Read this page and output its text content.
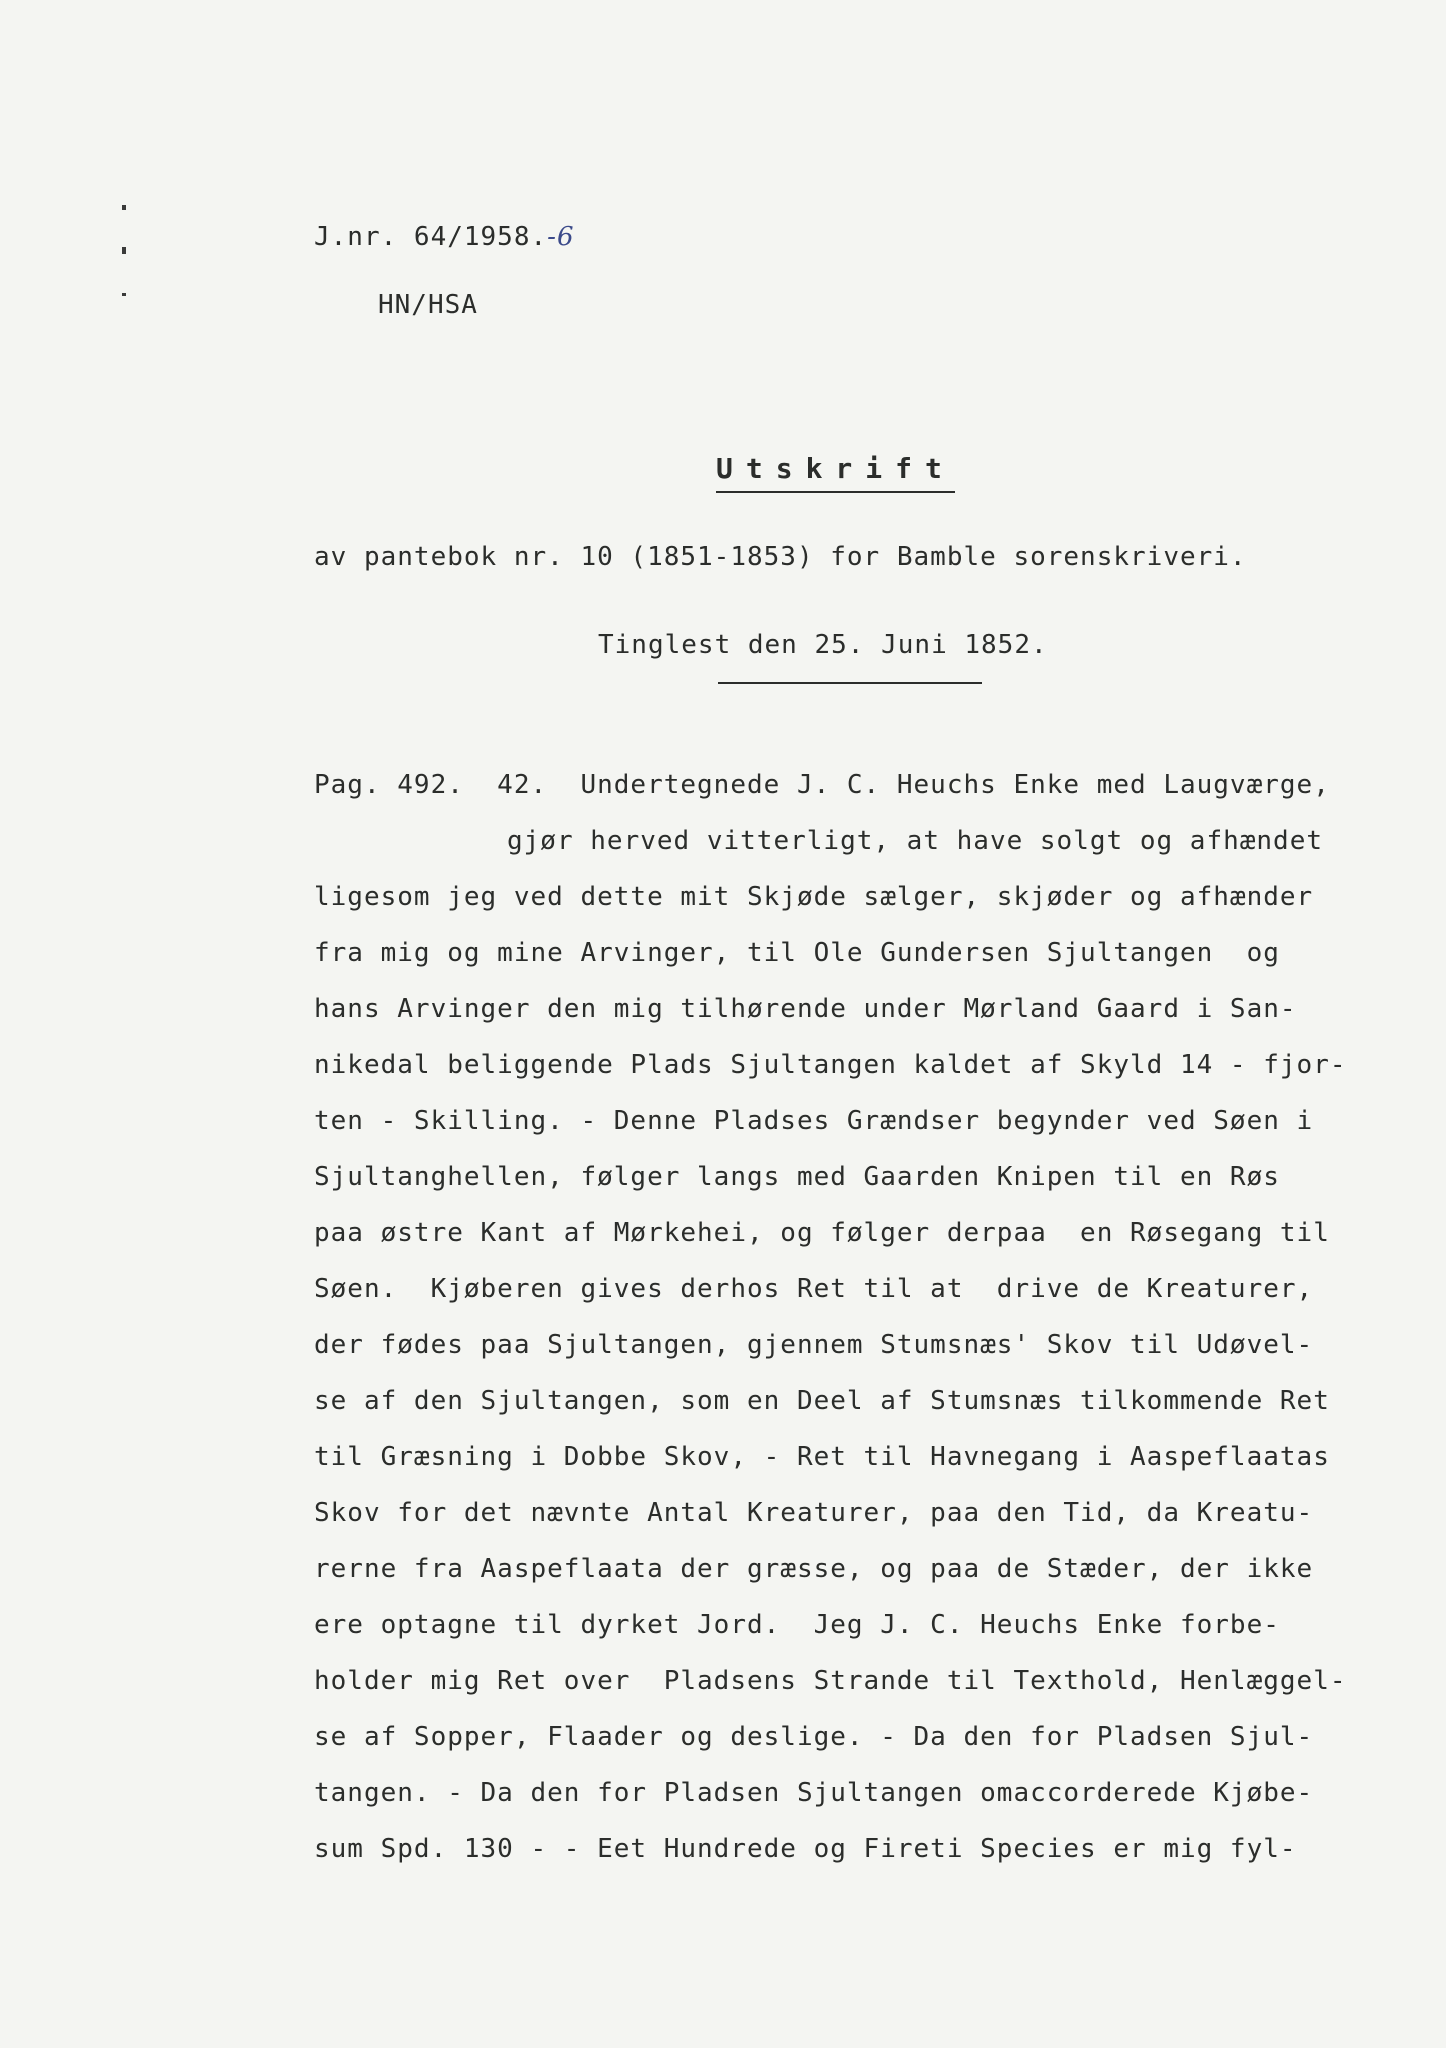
J.nr. 64/1958.-6
HN/HSA
Utskrift
av pantebok nr. 10 (1851-1853) for Bamble sorenskriveri.
Tinglest den 25. Juni 1852.
Pag. 492.  42.  Undertegnede J. C. Heuchs Enke med Laugværge,
gjør herved vitterligt, at have solgt og afhændet
ligesom jeg ved dette mit Skjøde sælger, skjøder og afhænder
fra mig og mine Arvinger, til Ole Gundersen Sjultangen  og
hans Arvinger den mig tilhørende under Mørland Gaard i San-
nikedal beliggende Plads Sjultangen kaldet af Skyld 14 - fjor-
ten - Skilling. - Denne Pladses Grændser begynder ved Søen i
Sjultanghellen, følger langs med Gaarden Knipen til en Røs
paa østre Kant af Mørkehei, og følger derpaa  en Røsegang til
Søen.  Kjøberen gives derhos Ret til at  drive de Kreaturer,
der fødes paa Sjultangen, gjennem Stumsnæs' Skov til Udøvel-
se af den Sjultangen, som en Deel af Stumsnæs tilkommende Ret
til Græsning i Dobbe Skov, - Ret til Havnegang i Aaspeflaatas
Skov for det nævnte Antal Kreaturer, paa den Tid, da Kreatu-
rerne fra Aaspeflaata der græsse, og paa de Stæder, der ikke
ere optagne til dyrket Jord.  Jeg J. C. Heuchs Enke forbe-
holder mig Ret over  Pladsens Strande til Texthold, Henlæggel-
se af Sopper, Flaader og deslige. - Da den for Pladsen Sjul-
tangen. - Da den for Pladsen Sjultangen omaccorderede Kjøbe-
sum Spd. 130 - - Eet Hundrede og Fireti Species er mig fyl-
